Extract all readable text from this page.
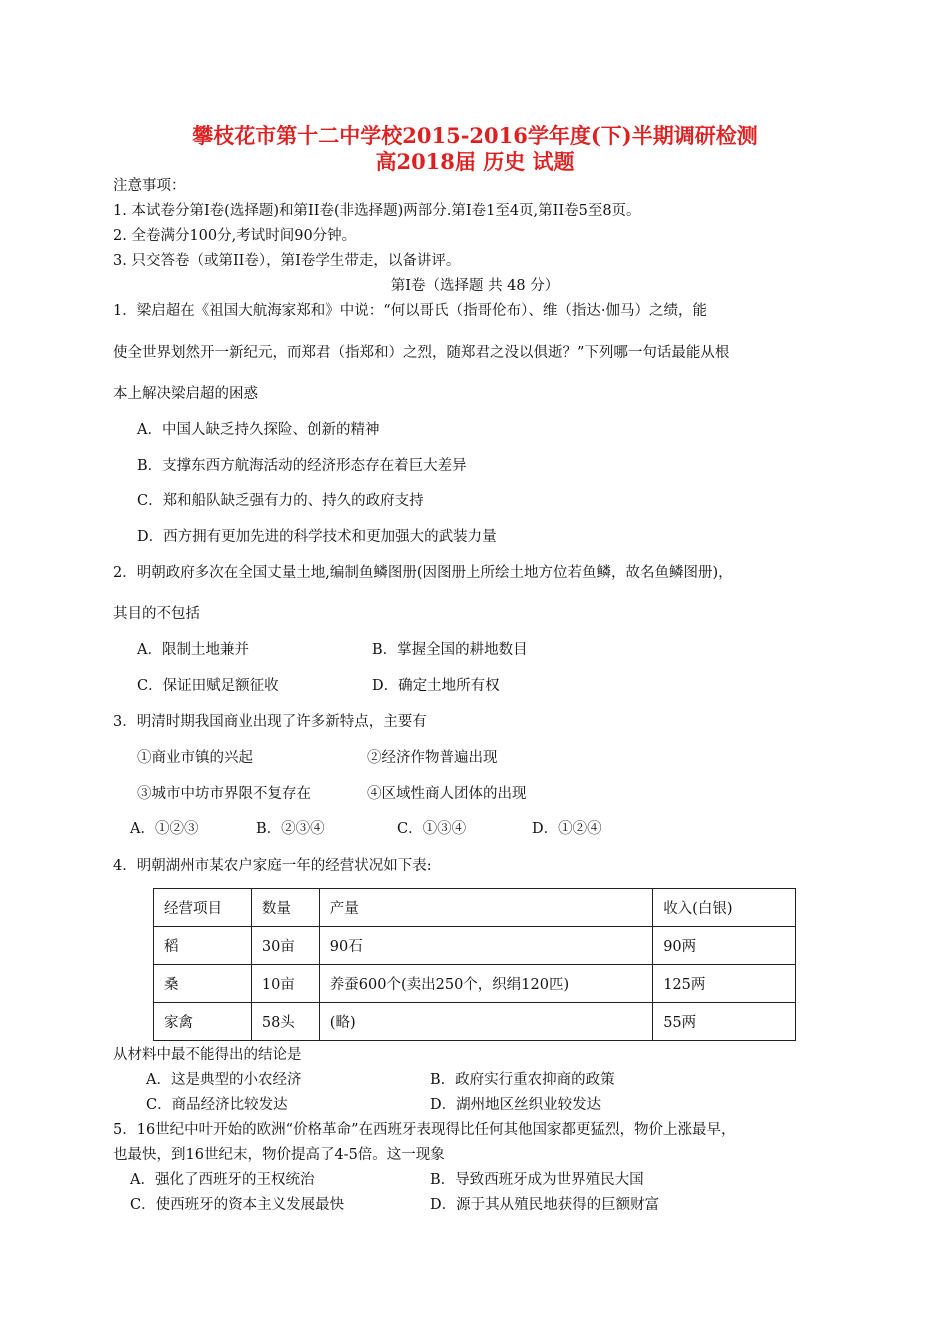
攀枝花市第十二中学校2015-2016学年度(下)半期调研检测
高2018届 历史 试题
注意事项：
1. 本试卷分第Ⅰ卷(选择题)和第II卷(非选择题)两部分.第Ⅰ卷1至4页,第II卷5至8页。
2. 全卷满分100分,考试时间90分钟。
3. 只交答卷（或第II卷），第Ⅰ卷学生带走，以备讲评。
第Ⅰ卷（选择题 共 48 分）
1．梁启超在《祖国大航海家郑和》中说：“何以哥氏（指哥伦布）、维（指达·伽马）之绩，能
使全世界划然开一新纪元，而郑君（指郑和）之烈，随郑君之没以俱逝？”下列哪一句话最能从根
本上解决梁启超的困惑
A．中国人缺乏持久探险、创新的精神
B．支撑东西方航海活动的经济形态存在着巨大差异
C．郑和船队缺乏强有力的、持久的政府支持
D．西方拥有更加先进的科学技术和更加强大的武装力量
2．明朝政府多次在全国丈量土地,编制鱼鳞图册(因图册上所绘土地方位若鱼鳞，故名鱼鳞图册)，
其目的不包括
A．限制土地兼并	B．掌握全国的耕地数目
C．保证田赋足额征收	D．确定土地所有权
3．明清时期我国商业出现了许多新特点，主要有
①商业市镇的兴起	②经济作物普遍出现
③城市中坊市界限不复存在	④区域性商人团体的出现
A．①②③	B．②③④	C．①③④	D．①②④
4．明朝湖州市某农户家庭一年的经营状况如下表:
经营项目	数量	产量	收入(白银)
稻	30亩	90石	90两
桑	10亩	养蚕600个(卖出250个，织绢120匹)	125两
家禽	58头	(略)	55两
从材料中最不能得出的结论是
A．这是典型的小农经济	B．政府实行重农抑商的政策
C．商品经济比较发达	D．湖州地区丝织业较发达
5．16世纪中叶开始的欧洲“价格革命”在西班牙表现得比任何其他国家都更猛烈，物价上涨最早，
也最快，到16世纪末，物价提高了4-5倍。这一现象
A．强化了西班牙的王权统治	B．导致西班牙成为世界殖民大国
C．使西班牙的资本主义发展最快	D．源于其从殖民地获得的巨额财富
